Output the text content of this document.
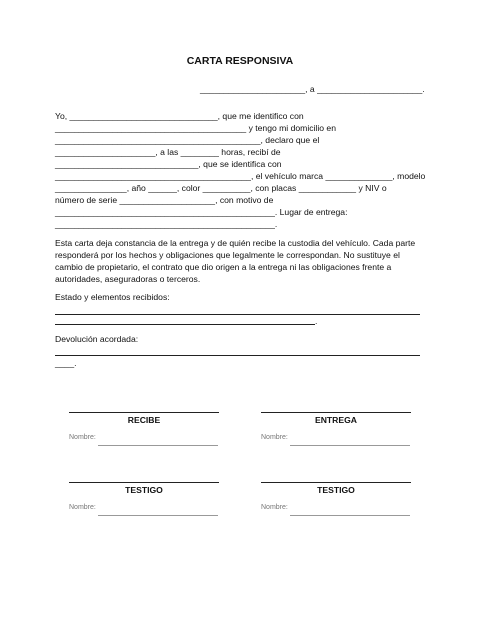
CARTA RESPONSIVA
______________________, a ______________________.
Yo, _______________________________, que me identifico con
________________________________________ y tengo mi domicilio en
___________________________________________, declaro que el
_____________________, a las ________ horas, recibí de
______________________________, que se identifica con
_________________________________________, el vehículo marca ______________, modelo
_______________, año ______, color __________, con placas ____________ y NIV o
número de serie ____________________, con motivo de
______________________________________________. Lugar de entrega:
______________________________________________.
Esta carta deja constancia de la entrega y de quién recibe la custodia del vehículo. Cada parte responderá por los hechos y obligaciones que legalmente le correspondan. No sustituye el cambio de propietario, el contrato que dio origen a la entrega ni las obligaciones frente a autoridades, aseguradoras o terceros.
Estado y elementos recibidos:
.
Devolución acordada:
____.
RECIBE
Nombre:
ENTREGA
Nombre:
TESTIGO
Nombre:
TESTIGO
Nombre:
